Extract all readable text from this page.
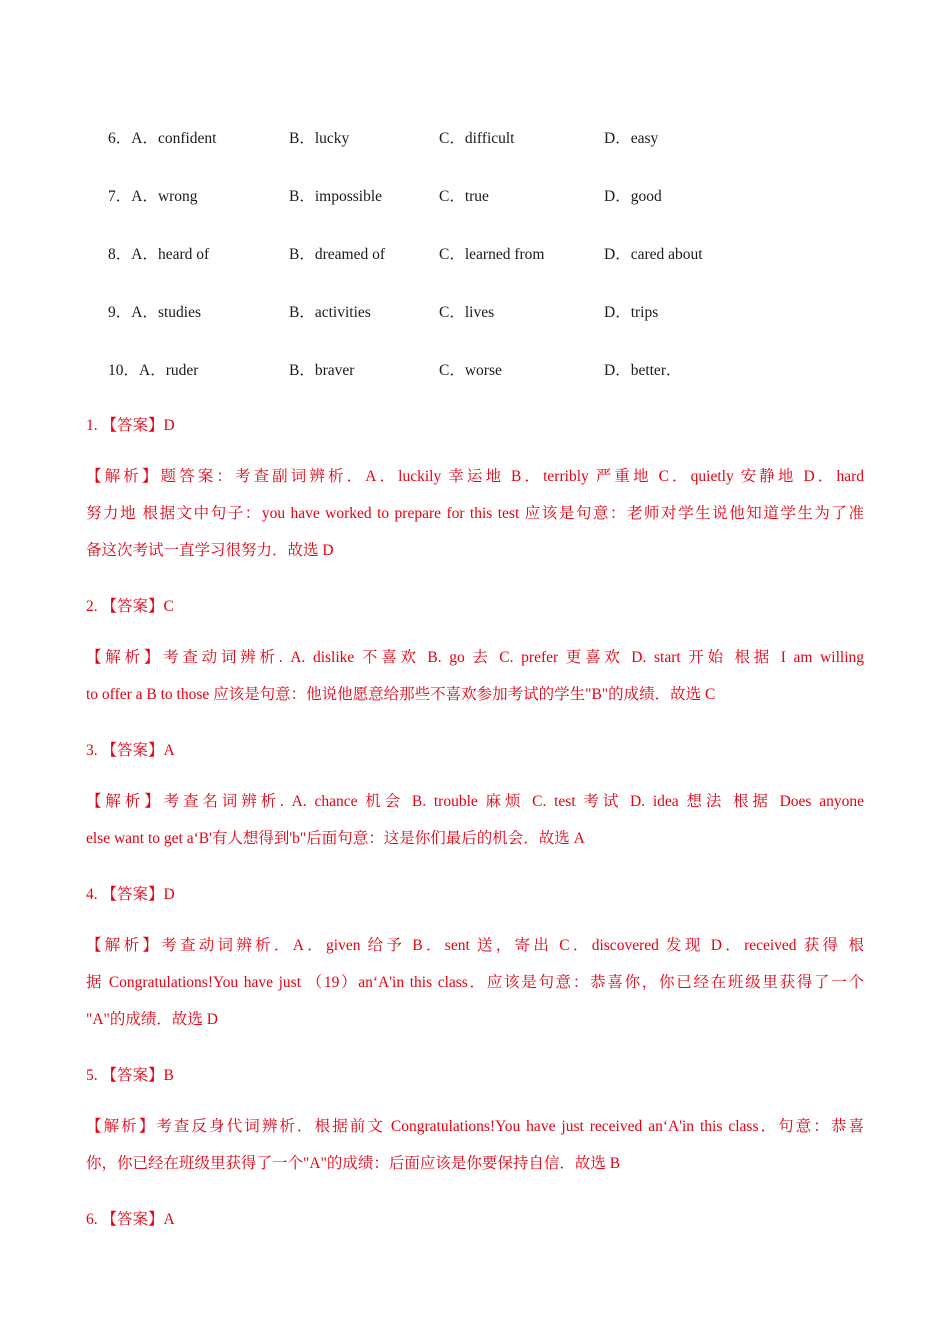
6．A．confident	B．lucky	C．difficult	D．easy
7．A．wrong	B．impossible	C．true	D．good
8．A．heard of	B．dreamed of	C．learned from	D．cared about
9．A．studies	B．activities	C．lives	D．trips
10．A．ruder	B．braver	C．worse	D．better．
1. 【答案】D
【解析】题答案：考查副词辨析．A．luckily 幸运地 B．terribly 严重地 C．quietly 安静地 D．hard
努力地 根据文中句子：you have worked to prepare for this test 应该是句意：老师对学生说他知道学生为了准
备这次考试一直学习很努力．故选 D
2. 【答案】C
【解析】考查动词辨析. A. dislike 不喜欢 B. go 去 C. prefer 更喜欢 D. start 开始 根据 I am willing
to offer a B to those 应该是句意：他说他愿意给那些不喜欢参加考试的学生"B"的成绩．故选 C
3. 【答案】A
【解析】考查名词辨析. A. chance 机会 B. trouble 麻烦 C. test 考试 D. idea 想法 根据 Does anyone
else want to get a‘B'有人想得到'b"后面句意：这是你们最后的机会．故选 A
4. 【答案】D
【解析】考查动词辨析．A．given 给予 B．sent 送，寄出 C．discovered 发现 D．received 获得 根
据 Congratulations!You have just （19）an‘A'in this class．应该是句意：恭喜你，你已经在班级里获得了一个
"A"的成绩．故选 D
5. 【答案】B
【解析】考查反身代词辨析．根据前文 Congratulations!You have just received an‘A'in this class．句意：恭喜
你，你已经在班级里获得了一个"A"的成绩：后面应该是你要保持自信．故选 B
6. 【答案】A
